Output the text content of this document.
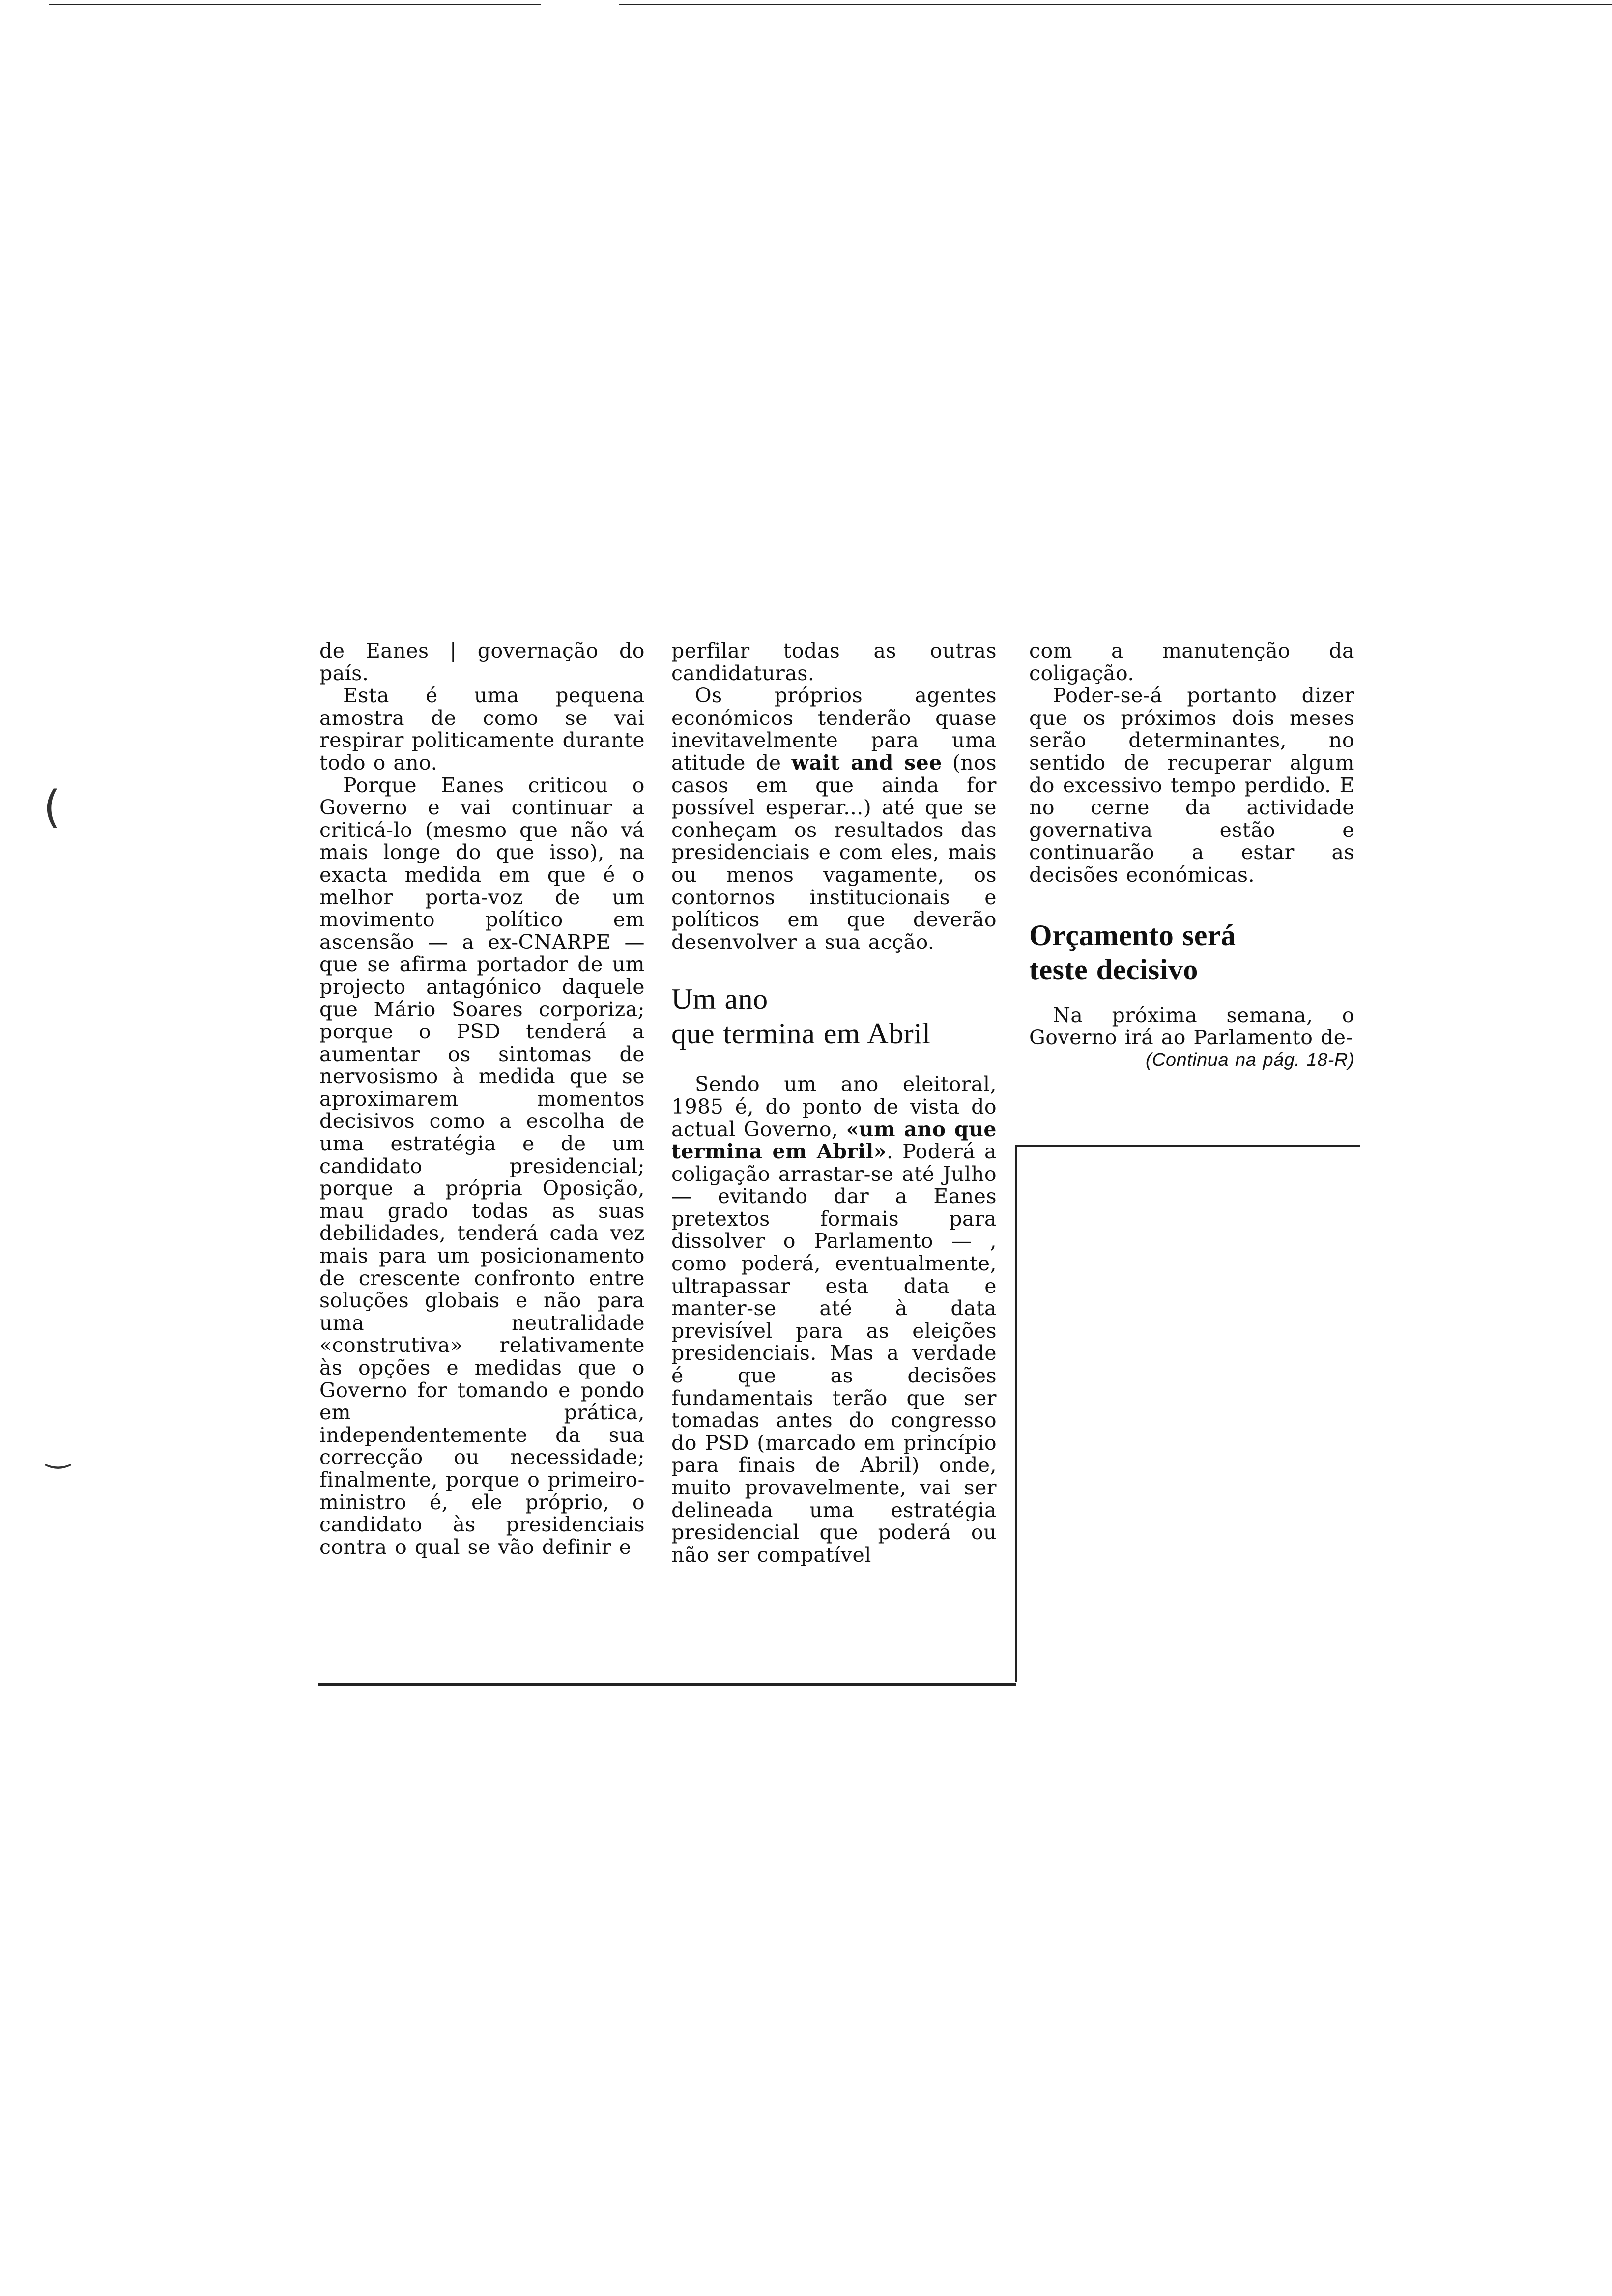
(
‿

de Eanes | governação do país.

Esta é uma pequena amostra de como se vai respirar politicamente durante todo o ano.

Porque Eanes criticou o Governo e vai continuar a criticá-lo (mesmo que não vá mais longe do que isso), na exacta medida em que é o melhor porta-voz de um movimento político em ascensão — a ex-CNARPE — que se afirma portador de um projecto antagónico daquele que Mário Soares corporiza; porque o PSD tenderá a aumentar os sintomas de nervosismo à medida que se aproximarem momentos decisivos como a escolha de uma estratégia e de um candidato presidencial; porque a própria Oposição, mau grado todas as suas debilidades, tenderá cada vez mais para um posicionamento de crescente confronto entre soluções globais e não para uma neutralidade «construtiva» relativamente às opções e medidas que o Governo for tomando e pondo em prática, independentemente da sua correcção ou necessidade; finalmente, porque o primeiro-ministro é, ele próprio, o candidato às presidenciais contra o qual se vão definir e

perfilar todas as outras candidaturas.

Os próprios agentes económicos tenderão quase inevitavelmente para uma atitude de wait and see (nos casos em que ainda for possível esperar...) até que se conheçam os resultados das presidenciais e com eles, mais ou menos vagamente, os contornos institucionais e políticos em que deverão desenvolver a sua acção.

Um ano
que termina em Abril

Sendo um ano eleitoral, 1985 é, do ponto de vista do actual Governo, «um ano que termina em Abril». Poderá a coligação arrastar-se até Julho — evitando dar a Eanes pretextos formais para dissolver o Parlamento — , como poderá, eventualmente, ultrapassar esta data e manter-se até à data previsível para as eleições presidenciais. Mas a verdade é que as decisões fundamentais terão que ser tomadas antes do congresso do PSD (marcado em princípio para finais de Abril) onde, muito provavelmente, vai ser delineada uma estratégia presidencial que poderá ou não ser compatível

com a manutenção da coligação.

Poder-se-á portanto dizer que os próximos dois meses serão determinantes, no sentido de recuperar algum do excessivo tempo perdido. E no cerne da actividade governativa estão e continuarão a estar as decisões económicas.

Orçamento será
teste decisivo

Na próxima semana, o Governo irá ao Parlamento de-

(Continua na pág. 18-R)
